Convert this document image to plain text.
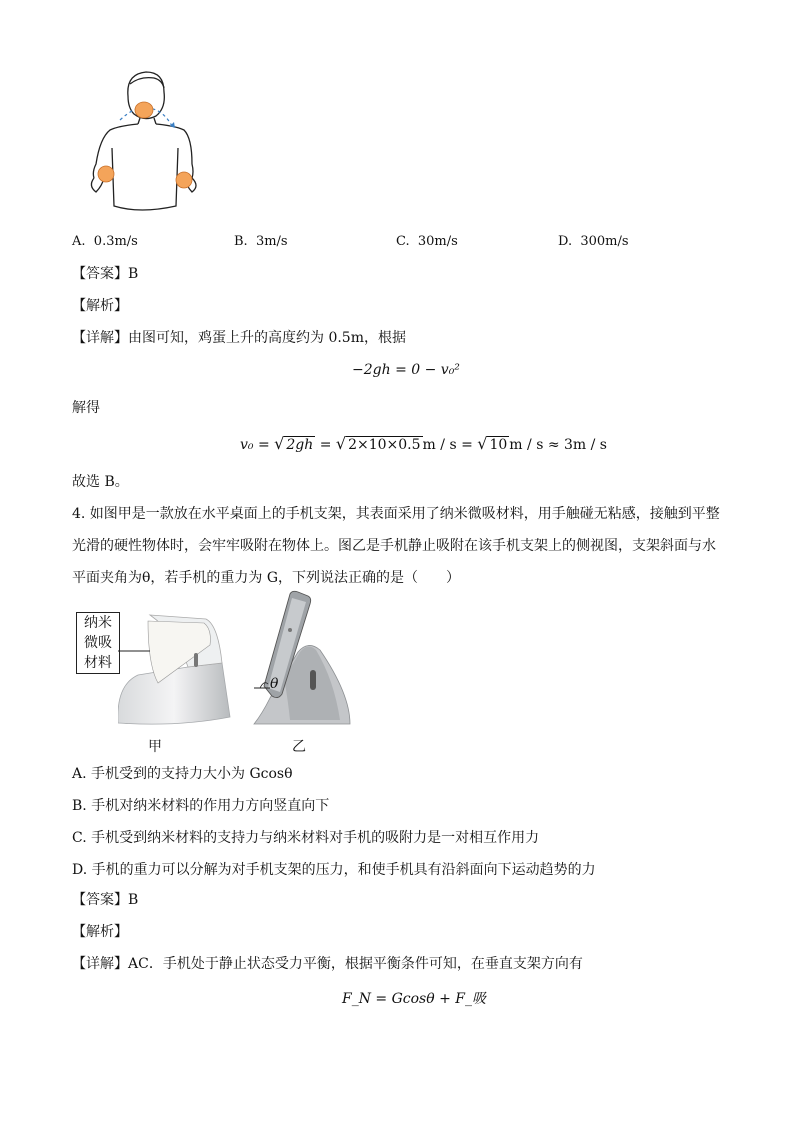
A. 0.3m/s	B. 3m/s	C. 30m/s	D. 300m/s
【答案】B
【解析】
【详解】由图可知，鸡蛋上升的高度约为 0.5m，根据
−2gh = 0 − v₀²
解得
v₀ = √ 2gh = √ 2×10×0.5 m / s = √ 10 m / s ≈ 3m / s
故选 B。
4. 如图甲是一款放在水平桌面上的手机支架，其表面采用了纳米微吸材料，用手触碰无粘感，接触到平整
光滑的硬性物体时，会牢牢吸附在物体上。图乙是手机静止吸附在该手机支架上的侧视图，支架斜面与水
平面夹角为θ，若手机的重力为 G，下列说法正确的是（　　）
纳米
微吸
材料
甲
θ
乙
A. 手机受到的支持力大小为 Gcosθ
B. 手机对纳米材料的作用力方向竖直向下
C. 手机受到纳米材料的支持力与纳米材料对手机的吸附力是一对相互作用力
D. 手机的重力可以分解为对手机支架的压力，和使手机具有沿斜面向下运动趋势的力
【答案】B
【解析】
【详解】AC．手机处于静止状态受力平衡，根据平衡条件可知，在垂直支架方向有
F_N = Gcosθ + F_吸
